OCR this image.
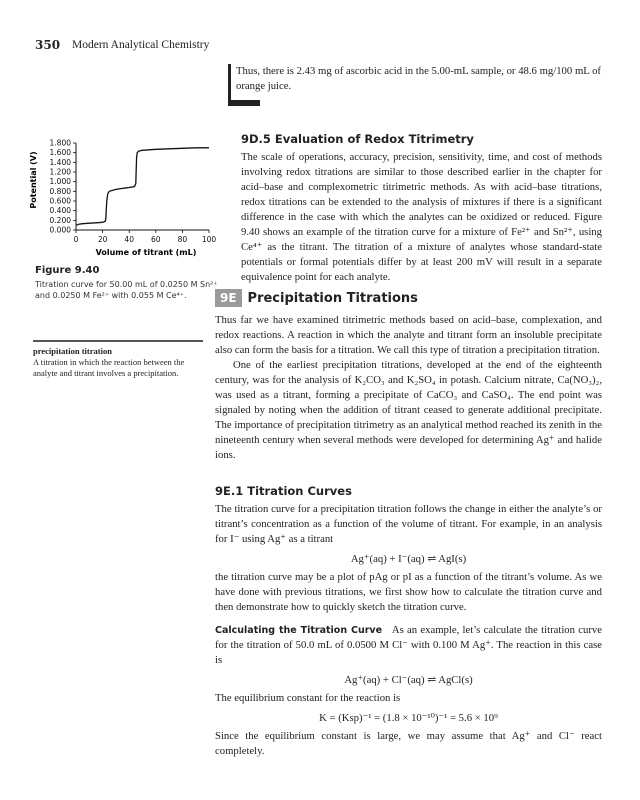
350 Modern Analytical Chemistry
Thus, there is 2.43 mg of ascorbic acid in the 5.00-mL sample, or 48.6 mg/100 mL of orange juice.
9D.5 Evaluation of Redox Titrimetry
The scale of operations, accuracy, precision, sensitivity, time, and cost of methods involving redox titrations are similar to those described earlier in the chapter for acid–base and complexometric titrimetric methods. As with acid–base titrations, redox titrations can be extended to the analysis of mixtures if there is a significant difference in the case with which the analytes can be oxidized or reduced. Figure 9.40 shows an example of the titration curve for a mixture of Fe²⁺ and Sn²⁺, using Ce⁴⁺ as the titrant. The titration of a mixture of analytes whose standard-state potentials or formal potentials differ by at least 200 mV will result in a separate equivalence point for each analyte.
0.000
0.200
0.400
0.600
0.800
1.000
1.200
1.400
1.600
1.800
0	20 40 60 80 100
Potential (V)
Volume of titrant (mL)
Figure 9.40
Titration curve for 50.00 mL of 0.0250 M Sn²⁺ and 0.0250 M Fe²⁺ with 0.055 M Ce⁴⁺.
precipitation titration
A titration in which the reaction between the analyte and titrant involves a precipitation.
9E Precipitation Titrations
Thus far we have examined titrimetric methods based on acid–base, complexation, and redox reactions. A reaction in which the analyte and titrant form an insoluble precipitate also can form the basis for a titration. We call this type of titration a precipitation titration.
One of the earliest precipitation titrations, developed at the end of the eighteenth century, was for the analysis of K₂CO₃ and K₂SO₄ in potash. Calcium nitrate, Ca(NO₃)₂, was used as a titrant, forming a precipitate of CaCO₃ and CaSO₄. The end point was signaled by noting when the addition of titrant ceased to generate additional precipitate. The importance of precipitation titrimetry as an analytical method reached its zenith in the nineteenth century when several methods were developed for determining Ag⁺ and halide ions.
9E.1 Titration Curves
The titration curve for a precipitation titration follows the change in either the analyte’s or titrant’s concentration as a function of the volume of titrant. For example, in an analysis for I⁻ using Ag⁺ as a titrant
Ag⁺(aq) + I⁻(aq) ⇌ AgI(s)
the titration curve may be a plot of pAg or pI as a function of the titrant’s volume. As we have done with previous titrations, we first show how to calculate the titration curve and then demonstrate how to quickly sketch the titration curve.
Calculating the Titration Curve As an example, let’s calculate the titration curve for the titration of 50.0 mL of 0.0500 M Cl⁻ with 0.100 M Ag⁺. The reaction in this case is
Ag⁺(aq) + Cl⁻(aq) ⇌ AgCl(s)
The equilibrium constant for the reaction is
K = (Ksp)⁻¹ = (1.8 × 10⁻¹⁰)⁻¹ = 5.6 × 10⁹
Since the equilibrium constant is large, we may assume that Ag⁺ and Cl⁻ react completely.
